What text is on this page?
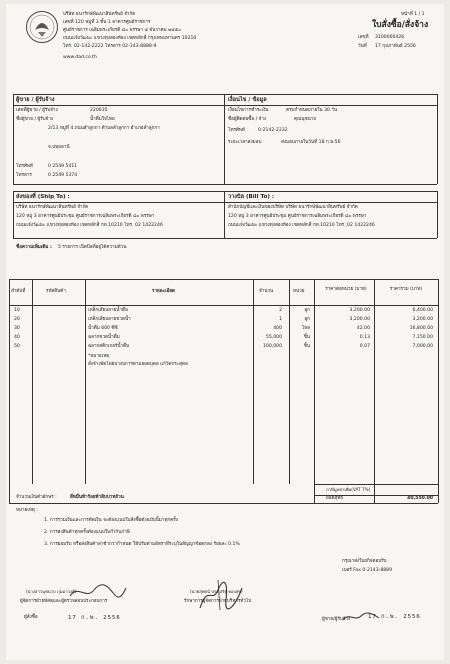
บริษัท ธนารักษ์พัฒนาสินทรัพย์ จำกัด
เลขที่ 120 หมู่ที่ 3 ชั้น 1 อาคารศูนย์ราชการ
ศูนย์ราชการ เฉลิมพระเกียรติ ๘๐ พรรษา ๕ ธันวาคม ๒๕๕๐
ถนนแจ้งวัฒนะ แขวงทุ่งสองห้อง เขตหลักสี่ กรุงเทพมหานคร 10210
โทร. 02-142-2222 โทรสาร 02-143-8888-9
www.dad.co.th
หน้าที่ 1 / 1
ใบสั่งซื้อ/สั่งจ้าง
เลขที่ 3100000426
วันที่ 17 กุมภาพันธ์ 2556
ผู้ขาย / ผู้รับจ้าง
เลขที่ผู้ขาย / ผู้รับจ้าง	220635
ชื่อผู้ขาย / ผู้รับจ้าง	น้ำดื่มใจไทย
2/13 หมู่ที่ 4 ถนนสำลูกกา ตำบลลำลูกกา อำเภอลำลูกกา
จ.ปทุมธานี
โทรศัพท์	0 2549 5411
โทรสาร	0 2549 5374
เงื่อนไข / ข้อมูล
เงื่อนไขการชำระเงิน	ครบกำหนดภายใน 30 วัน
ชื่อผู้ติดต่อซื้อ / จ้าง	คุณนุชนาถ
โทรศัพท์	0-2142-2232
ระยะเวลาส่งมอบ	ส่งมอบภายในวันที่ 18 ก.พ.56
ส่งของที่ (Ship To) :
บริษัท ธนารักษ์พัฒนาสินทรัพย์ จำกัด
120 หมู่ 3 อาคารศูนย์ประชุม ศูนย์ราชการเฉลิมพระเกียรติ ๘๐ พรรษา
ถนนแจ้งวัฒนะ แขวงทุ่งสองห้อง เขตหลักสี่ กท.10210 โทร. 02 1422246
วางบิล (Bill To) :
สำนักบัญชีและเงินของบริษัท บริษัท ธนารักษ์พัฒนาสินทรัพย์ จำกัด
120 หมู่ 3 อาคารศูนย์ประชุม ศูนย์ราชการเฉลิมพระเกียรติ ๘๐ พรรษา
ถนนแจ้งวัฒนะ แขวงทุ่งสองห้อง เขตหลักสี่ กท.10210 โทร. 02 1422246
ชื่อความเพิ่มเติม : 5 รายการ เปิดบิลที่อยู่ได้ความด้วน
ลำดับที่	รหัสสินค้า	รายละเอียด	จำนวน	หน่วย	ราคาต่อหน่วย (บาท)	ราคารวม (บาท)
10	เหล็กเสียบลายน้ำดื่ม	2	ลูก	3,200.00	6,400.00
20	เหล็กเสียบลายขวดน้ำ	1	ลูก	3,200.00	3,200.00
30	น้ำดื่ม 600 ซีซี	400	โหล	42.00	16,800.00
40	ฉลากขวดน้ำดื่ม	55,000	ชิ้น	0.13	7,150.00
50	ฉลากสติกเกอร์น้ำดื่ม	100,000	ชิ้น	0.07	7,000.00
*หมายเหตุ
สั่งจ้างจัดโดยบางบการตามยอดบุคล แก้วัดกระสุดล
ภาษีมูลค่าเพิ่ม(VAT 7%)
ยอดสุทธิ	40,550.00
จำนวนเงินตัวอักษร :	สี่หมื่นห้าร้อยห้าสิบบาทถ้วน
หมายเหตุ :
1. การรวมเงินและการตัดเงิน จะต้องแนบใบสั่งซื้อดังฉบับนี้มาทุกครั้ง
2. การส่งสินค้าทุกครั้งต้องแนบใบกำกับภาษี
3. การยอมรับ หรือส่งสินค้าล่าช้ากว่ากำหนด ให้ปรับตามอัตราที่ระบุในสัญญาข้อตกลง ร้อยละ 0.1%
กรุณาส่งใบยกิจตอบรับ
เบอร์ Fax 0-2143-8889
(นางสาวนุชนาถ ภุมมาวงศ์)
ผู้จัดการฝ่ายพัสดุและผู้ตรวจสอบประกอบการ
ผู้สั่งซื้อ	17 ก.พ. 2556
(นายสุพจน์ ประเสริฐ ทองสุข)
รักษาการผู้จัดการฝ่ายบริหารทั่วไป
ผู้ขาย/ผู้รับจ้าง	17 ก.พ. 2556
